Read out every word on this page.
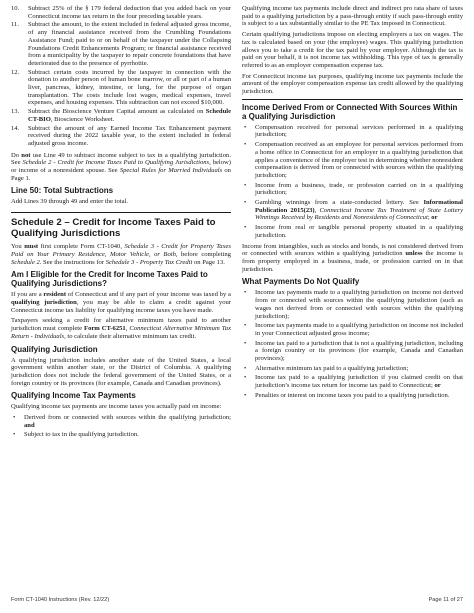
10.	Subtract 25% of the § 179 federal deduction that you added back on your Connecticut income tax return in the four preceding taxable years.
11.	Subtract the amount, to the extent included in federal adjusted gross income, of any financial assistance received from the Crumbling Foundations Assistance Fund; paid to or on behalf of the taxpayer under the Collapsing Foundations Credit Enhancements Program; or financial assistance received from a municipality by the taxpayer to repair concrete foundations that have deteriorated due to the presence of pyrrhotite.
12.	Subtract certain costs incurred by the taxpayer in connection with the donation to another person of human bone marrow, or all or part of a human liver, pancreas, kidney, intestine, or lung, for the purpose of organ transplantation. The costs include lost wages, medical expenses, travel expenses, and housing expenses. This subtraction can not exceed $10,000.
13.	Subtract the Bioscience Venture Capital amount as calculated on Schedule CT-BIO, Bioscience Worksheet.
14.	Subtract the amount of any Earned Income Tax Enhancement payment received during the 2022 taxable year, to the extent included in federal adjusted gross income.

Do not use Line 49 to subtract income subject to tax in a qualifying jurisdiction. See Schedule 2 - Credit for Income Taxes Paid to Qualifying Jurisdictions, below) or income of a nonresident spouse. See Special Rules for Married Individuals on Page 1.

Line 50: Total Subtractions

Add Lines 39 through 49 and enter the total.

Schedule 2 – Credit for Income Taxes Paid to Qualifying Jurisdictions

You must first complete Form CT-1040, Schedule 3 - Credit for Property Taxes Paid on Your Primary Residence, Motor Vehicle, or Both, before completing Schedule 2. See the instructions for Schedule 3 - Property Tax Credit on Page 13.

Am I Eligible for the Credit for Income Taxes Paid to Qualifying Jurisdictions?

If you are a resident of Connecticut and if any part of your income was taxed by a qualifying jurisdiction, you may be able to claim a credit against your Connecticut income tax liability for qualifying income taxes you have made.

Taxpayers seeking a credit for alternative minimum taxes paid to another jurisdiction must complete Form CT-6251, Connecticut Alternative Minimum Tax Return - Individuals, to calculate their alternative minimum tax credit.

Qualifying Jurisdiction

A qualifying jurisdiction includes another state of the United States, a local government within another state, or the District of Columbia. A qualifying jurisdiction does not include the federal government of the United States, or a foreign country or its provinces (for example, Canada and Canadian provinces).

Qualifying Income Tax Payments

Qualifying income tax payments are income taxes you actually paid on income:

•	Derived from or connected with sources within the qualifying jurisdiction; and
•	Subject to tax in the qualifying jurisdiction.

Qualifying income tax payments include direct and indirect pro rata share of taxes paid to a qualifying jurisdiction by a pass-through entity if such pass-through entity is subject to a tax substantially similar to the PE Tax imposed in Connecticut.

Certain qualifying jurisdictions impose on electing employers a tax on wages. The tax is calculated based on your (the employee) wages. This qualifying jurisdiction allows you to take a credit for the tax paid by your employer. Although the tax is paid on your behalf, it is not income tax withholding. This type of tax is generally referred to as an employer compensation expense tax.

For Connecticut income tax purposes, qualifying income tax payments include the amount of the employer compensation expense tax credit allowed by the qualifying jurisdiction.

Income Derived From or Connected With Sources Within a Qualifying Jurisdiction
•	Compensation received for personal services performed in a qualifying jurisdiction;
•	Compensation received as an employee for personal services performed from a home office in Connecticut for an employer in a qualifying jurisdiction that applies a convenience of the employer test in determining whether nonresident compensation is derived from or connected with sources within the qualifying jurisdiction;
•	Income from a business, trade, or profession carried on in a qualifying jurisdiction;
•	Gambling winnings from a state-conducted lottery. See Informational Publication 2015(23), Connecticut Income Tax Treatment of State Lottery Winnings Received by Residents and Nonresidents of Connecticut; or
•	Income from real or tangible personal property situated in a qualifying jurisdiction.

Income from intangibles, such as stocks and bonds, is not considered derived from or connected with sources within a qualifying jurisdiction unless the income is from property employed in a business, trade, or profession carried on in that jurisdiction.

What Payments Do Not Qualify
•	Income tax payments made to a qualifying jurisdiction on income not derived from or connected with sources within the qualifying jurisdiction (such as wages not derived from or connected with sources within the qualifying jurisdiction);
•	Income tax payments made to a qualifying jurisdiction on income not included in your Connecticut adjusted gross income;
•	Income tax paid to a jurisdiction that is not a qualifying jurisdiction, including a foreign country or its provinces (for example, Canada and Canadian provinces);
•	Alternative minimum tax paid to a qualifying jurisdiction;
•	Income tax paid to a qualifying jurisdiction if you claimed credit on that jurisdiction’s income tax return for income tax paid to Connecticut; or
•	Penalties or interest on income taxes you paid to a qualifying jurisdiction.
Form CT-1040 Instructions (Rev. 12/22)	Page 11 of 27
